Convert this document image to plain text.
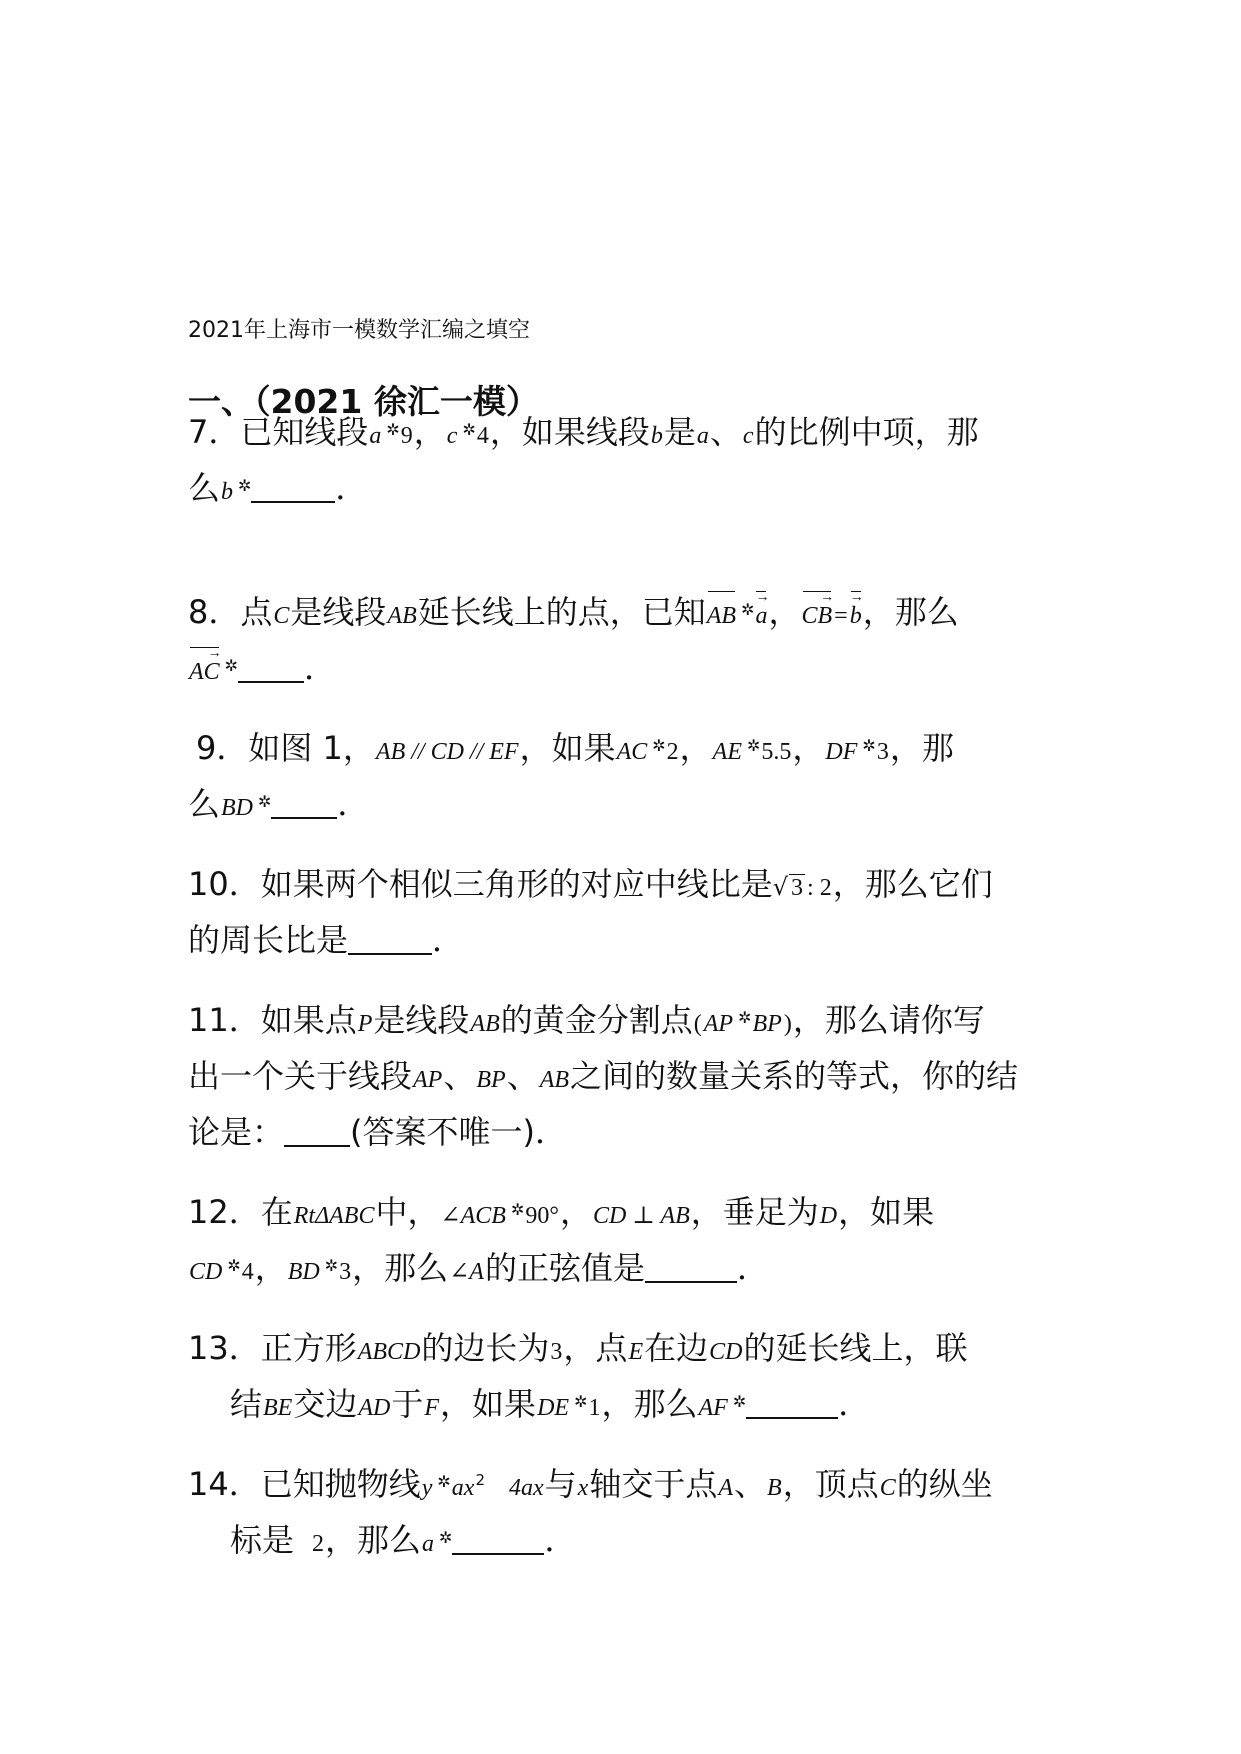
2021年上海市一模数学汇编之填空
一、（2021 徐汇一模）
7．已知线段a ✲9，c ✲4，如果线段b是a、c的比例中项，那
么b ✲	．
8．点C是线段AB延长线上的点，已知AB ✲a →，CB →=b →，那么
AC → ✲ ．
9．如图 1，AB // CD // EF，如果AC ✲2，AE ✲5.5，DF ✲3，那
么BD ✲ ．
10．如果两个相似三角形的对应中线比是√ 3 : 2，那么它们
的周长比是	．
11．如果点P是线段AB的黄金分割点(AP ✲BP)，那么请你写
出一个关于线段AP、BP、AB之间的数量关系的等式，你的结
论是： (答案不唯一)．
12．在RtΔABC中，∠ACB ✲90°，CD ⊥ AB，垂足为D，如果
CD ✲4，BD ✲3，那么∠A的正弦值是	．
13．正方形ABCD的边长为3，点E在边CD的延长线上，联
结BE交边AD于F，如果DE ✲1，那么AF ✲	．
14．已知抛物线y $^✲ax^2$ 4ax与x轴交于点A、B，顶点C的纵坐
标是 2，那么a ✲	．
